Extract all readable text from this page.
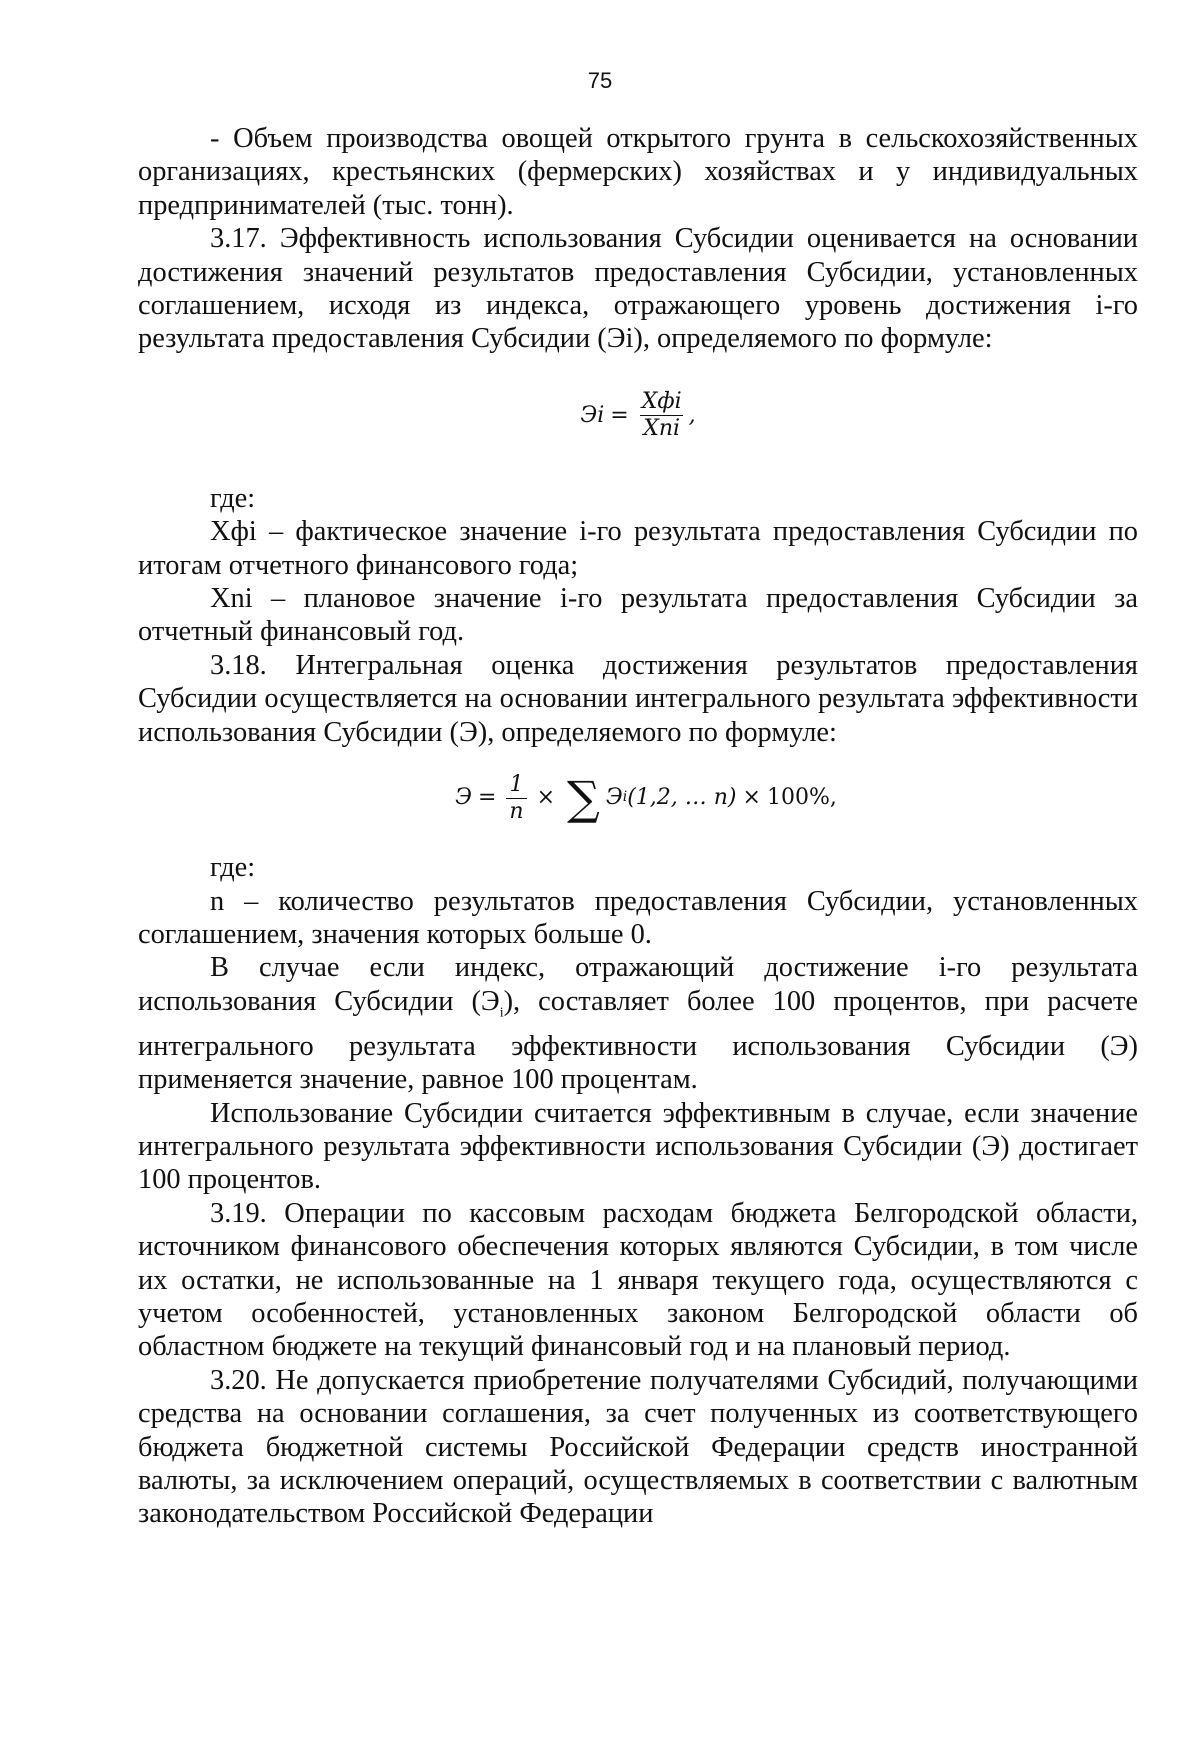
75

- Объем производства овощей открытого грунта в сельскохозяйственных организациях, крестьянских (фермерских) хозяйствах и у индивидуальных предпринимателей (тыс. тонн).

3.17. Эффективность использования Субсидии оценивается на основании достижения значений результатов предоставления Субсидии, установленных соглашением, исходя из индекса, отражающего уровень достижения i-го результата предоставления Субсидии (Эi), определяемого по формуле:

Эi = $\frac{\text{Хфi}}{\text{Хni}}$ ,

где:

Хфi – фактическое значение i-го результата предоставления Субсидии по итогам отчетного финансового года;

Хni – плановое значение i-го результата предоставления Субсидии за отчетный финансовый год.

3.18. Интегральная оценка достижения результатов предоставления Субсидии осуществляется на основании интегрального результата эффективности использования Субсидии (Э), определяемого по формуле:

$Э = \frac{1}{n}$ × ∑ Э i (1,2, … n) × 100%,

где:

n – количество результатов предоставления Субсидии, установленных соглашением, значения которых больше 0.

В случае если индекс, отражающий достижение i-го результата использования Субсидии $(Э_i)$, составляет более 100 процентов, при расчете интегрального результата эффективности использования Субсидии (Э) применяется значение, равное 100 процентам.

Использование Субсидии считается эффективным в случае, если значение интегрального результата эффективности использования Субсидии (Э) достигает 100 процентов.

3.19. Операции по кассовым расходам бюджета Белгородской области, источником финансового обеспечения которых являются Субсидии, в том числе их остатки, не использованные на 1 января текущего года, осуществляются с учетом особенностей, установленных законом Белгородской области об областном бюджете на текущий финансовый год и на плановый период.

3.20. Не допускается приобретение получателями Субсидий, получающими средства на основании соглашения, за счет полученных из соответствующего бюджета бюджетной системы Российской Федерации средств иностранной валюты, за исключением операций, осуществляемых в соответствии с валютным законодательством Российской Федерации
